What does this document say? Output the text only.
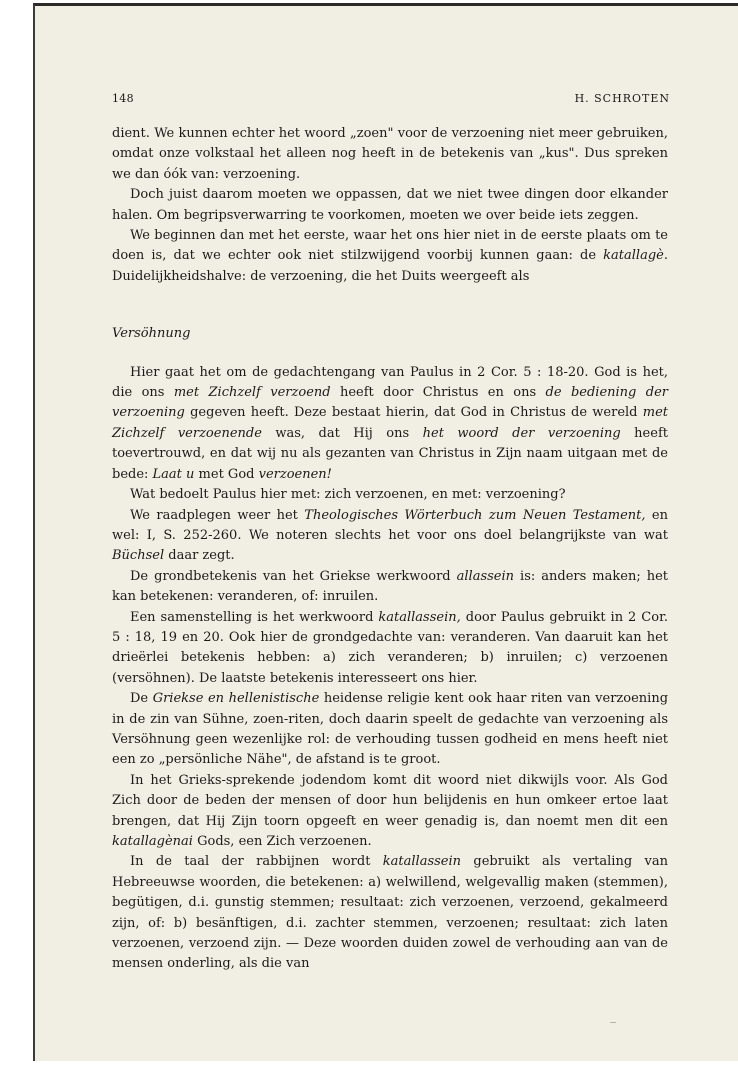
148	H. SCHROTEN

dient. We kunnen echter het woord „zoen" voor de verzoening niet meer gebruiken, omdat onze volkstaal het alleen nog heeft in de betekenis van „kus". Dus spreken we dan óók van: verzoening.

Doch juist daarom moeten we oppassen, dat we niet twee dingen door elkander halen. Om begripsverwarring te voorkomen, moeten we over beide iets zeggen.

We beginnen dan met het eerste, waar het ons hier niet in de eerste plaats om te doen is, dat we echter ook niet stilzwijgend voorbij kunnen gaan: de katallagè. Duidelijkheidshalve: de verzoening, die het Duits weergeeft als

Versöhnung

Hier gaat het om de gedachtengang van Paulus in 2 Cor. 5 : 18-20. God is het, die ons met Zichzelf verzoend heeft door Christus en ons de bediening der verzoening gegeven heeft. Deze bestaat hierin, dat God in Christus de wereld met Zichzelf verzoenende was, dat Hij ons het woord der verzoening heeft toevertrouwd, en dat wij nu als gezanten van Christus in Zijn naam uitgaan met de bede: Laat u met God verzoenen!

Wat bedoelt Paulus hier met: zich verzoenen, en met: verzoening?

We raadplegen weer het Theologisches Wörterbuch zum Neuen Testament, en wel: I, S. 252-260. We noteren slechts het voor ons doel belangrijkste van wat Büchsel daar zegt.

De grondbetekenis van het Griekse werkwoord allassein is: anders maken; het kan betekenen: veranderen, of: inruilen.

Een samenstelling is het werkwoord katallassein, door Paulus gebruikt in 2 Cor. 5 : 18, 19 en 20. Ook hier de grondgedachte van: veranderen. Van daaruit kan het drieërlei betekenis hebben: a) zich veranderen; b) inruilen; c) verzoenen (versöhnen). De laatste betekenis interesseert ons hier.

De Griekse en hellenistische heidense religie kent ook haar riten van verzoening in de zin van Sühne, zoen-riten, doch daarin speelt de gedachte van verzoening als Versöhnung geen wezenlijke rol: de verhouding tussen godheid en mens heeft niet een zo „persönliche Nähe", de afstand is te groot.

In het Grieks-sprekende jodendom komt dit woord niet dikwijls voor. Als God Zich door de beden der mensen of door hun belijdenis en hun omkeer ertoe laat brengen, dat Hij Zijn toorn opgeeft en weer genadig is, dan noemt men dit een katallagènai Gods, een Zich verzoenen.

In de taal der rabbijnen wordt katallassein gebruikt als vertaling van Hebreeuwse woorden, die betekenen: a) welwillend, welgevallig maken (stemmen), begütigen, d.i. gunstig stemmen; resultaat: zich verzoenen, verzoend, gekalmeerd zijn, of: b) besänftigen, d.i. zachter stemmen, verzoenen; resultaat: zich laten verzoenen, verzoend zijn. — Deze woorden duiden zowel de verhouding aan van de mensen onderling, als die van
